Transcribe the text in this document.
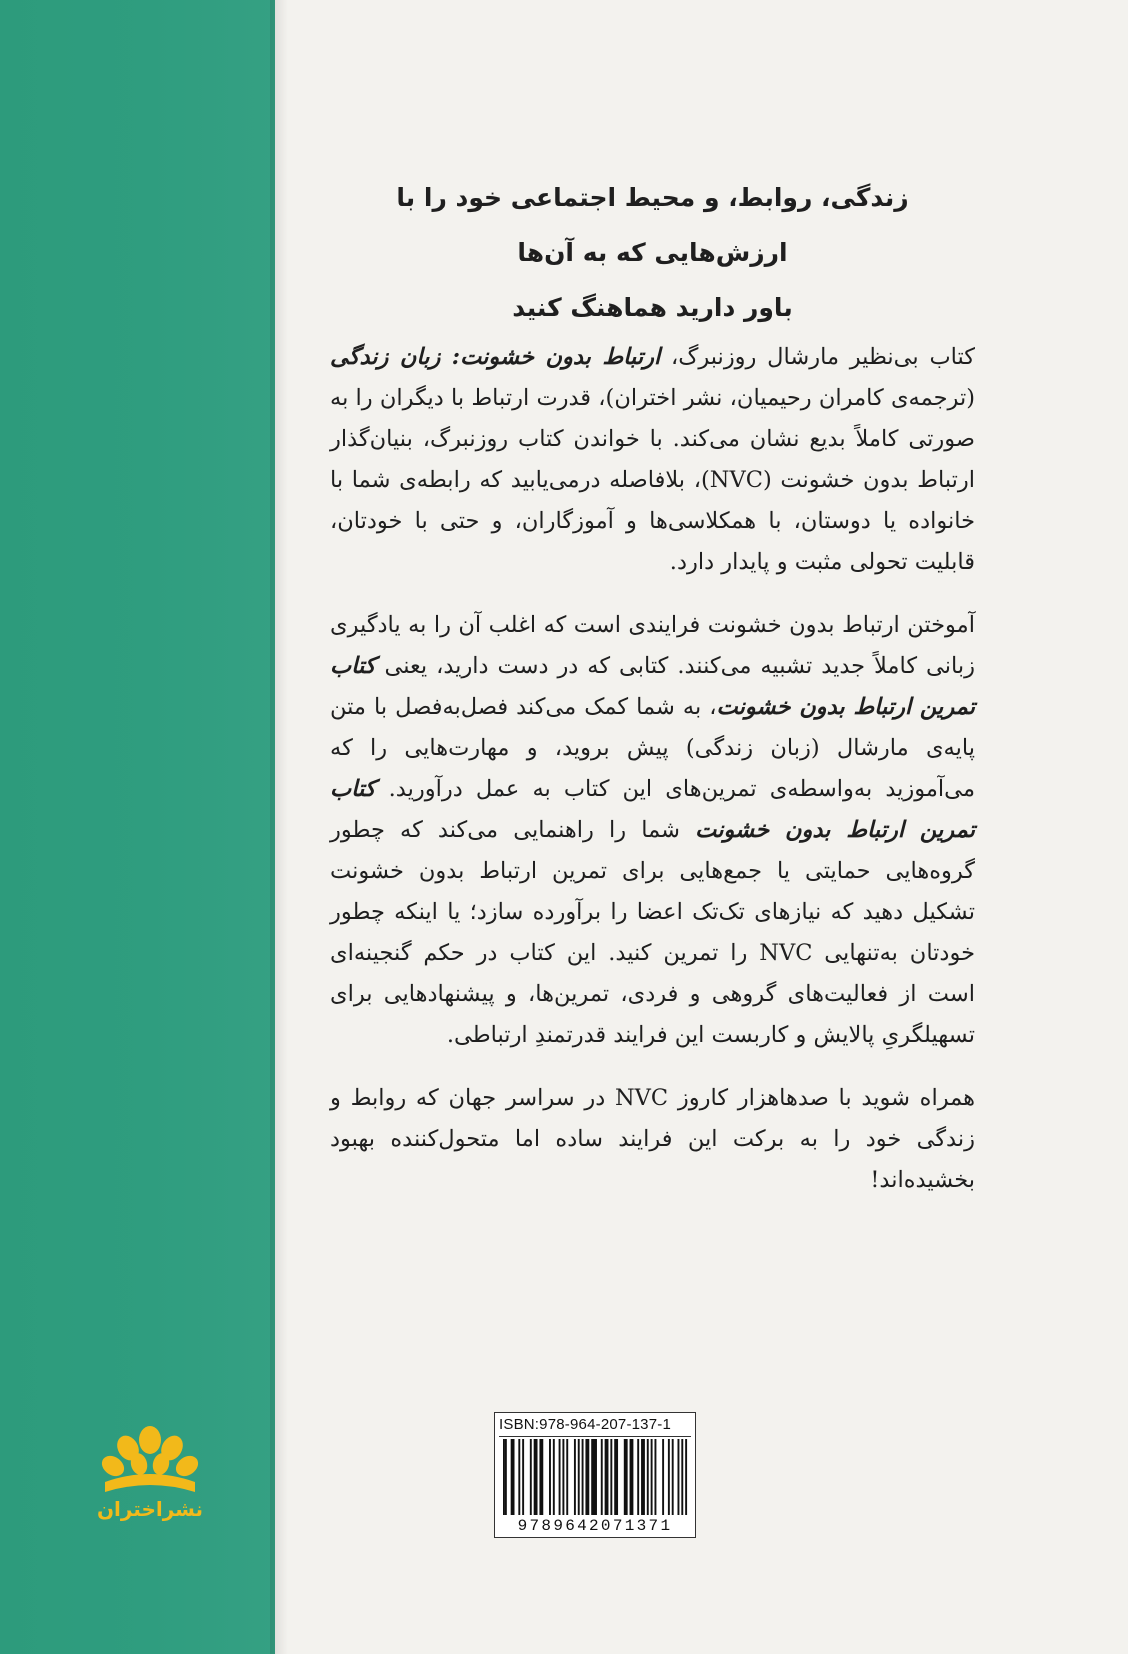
نشراختران
زندگی، روابط، و محیط اجتماعی خود را با ارزش‌هایی که به آن‌ها
باور دارید هماهنگ کنید

کتاب بی‌نظیر مارشال روزنبرگ، ارتباط بدون خشونت: زبان زندگی (ترجمه‌ی کامران رحیمیان، نشر اختران)، قدرت ارتباط با دیگران را به صورتی کاملاً بدیع نشان می‌کند. با خواندن کتاب روزنبرگ، بنیان‌گذار ارتباط بدون خشونت (NVC)، بلافاصله درمی‌یابید که رابطه‌ی شما با خانواده یا دوستان، با همکلاسی‌ها و آموزگاران، و حتی با خودتان، قابلیت تحولی مثبت و پایدار دارد.

آموختن ارتباط بدون خشونت فرایندی است که اغلب آن را به یادگیری زبانی کاملاً جدید تشبیه می‌کنند. کتابی که در دست دارید، یعنی کتاب تمرین ارتباط بدون خشونت، به شما کمک می‌کند فصل‌به‌فصل با متن پایه‌ی مارشال (زبان زندگی) پیش بروید، و مهارت‌هایی را که می‌آموزید به‌واسطه‌ی تمرین‌های این کتاب به عمل درآورید. کتاب تمرین ارتباط بدون خشونت شما را راهنمایی می‌کند که چطور گروه‌هایی حمایتی یا جمع‌هایی برای تمرین ارتباط بدون خشونت تشکیل دهید که نیازهای تک‌تک اعضا را برآورده سازد؛ یا اینکه چطور خودتان به‌تنهایی NVC را تمرین کنید. این کتاب در حکم گنجینه‌ای است از فعالیت‌های گروهی و فردی، تمرین‌ها، و پیشنهادهایی برای تسهیلگریِ پالایش و کاربست این فرایند قدرتمندِ ارتباطی.

همراه شوید با صدهاهزار کاروز NVC در سراسر جهان که روابط و زندگی خود را به برکت این فرایند ساده اما متحول‌کننده بهبود بخشیده‌اند!

ISBN:978-964-207-137-1
9789642071371
